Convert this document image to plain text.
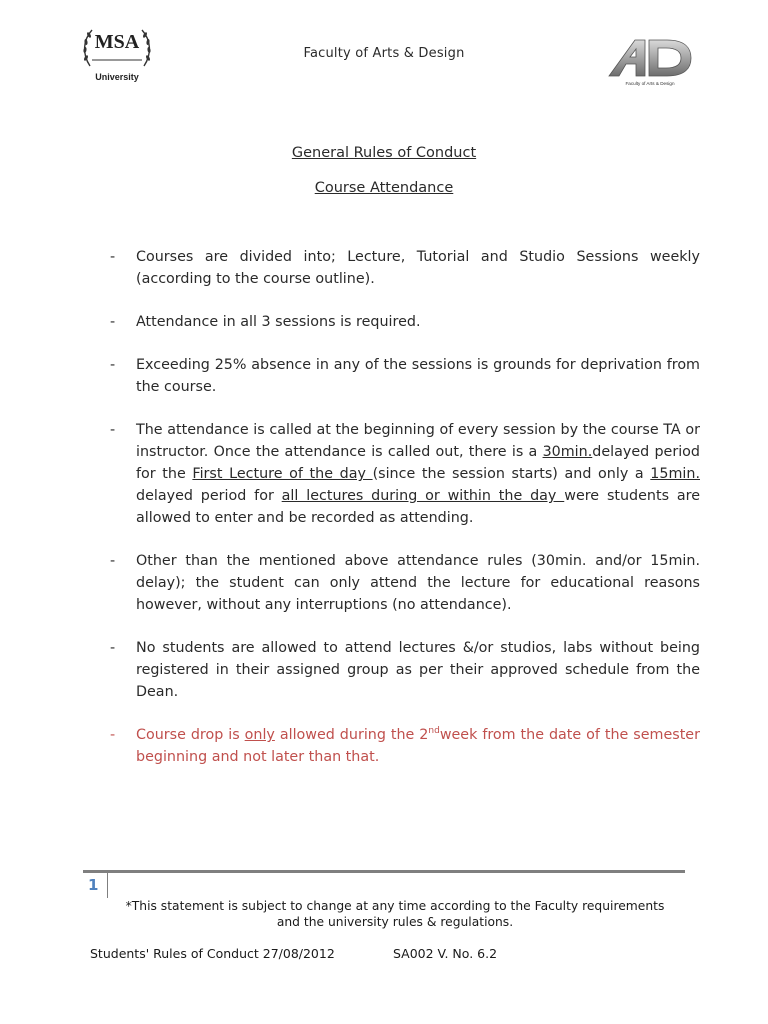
MSA
University
Faculty of Arts & Design
Faculty of Arts & Design
General Rules of Conduct
Course Attendance
-	Courses are divided into; Lecture, Tutorial and Studio Sessions weekly (according to the course outline).
-	Attendance in all 3 sessions is required.
-	Exceeding 25% absence in any of the sessions is grounds for deprivation from the course.
-	The attendance is called at the beginning of every session by the course TA or instructor. Once the attendance is called out, there is a 30min.delayed period for the First Lecture of the day (since the session starts) and only a 15min. delayed period for all lectures during or within the day were students are allowed to enter and be recorded as attending.
-	Other than the mentioned above attendance rules (30min. and/or 15min. delay); the student can only attend the lecture for educational reasons however, without any interruptions (no attendance).
-	No students are allowed to attend lectures &/or studios, labs without being registered in their assigned group as per their approved schedule from the Dean.
-	Course drop is only allowed during the 2ndweek from the date of the semester beginning and not later than that.
1
*This statement is subject to change at any time according to the Faculty requirements
and the university rules & regulations.
Students' Rules of Conduct 27/08/2012	SA002 V. No. 6.2
